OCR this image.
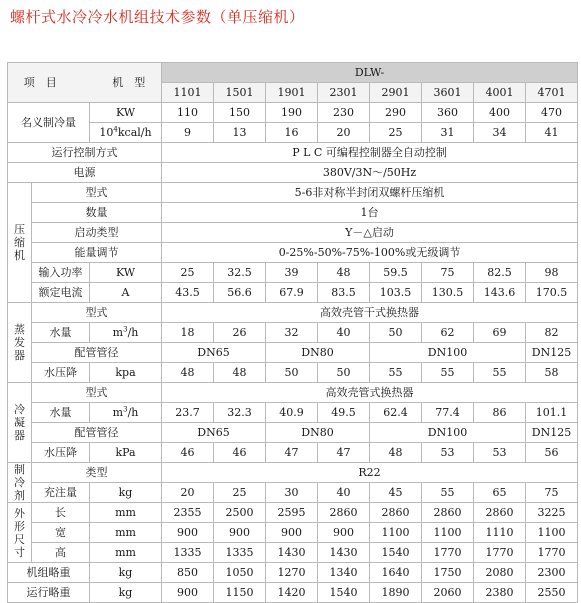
螺杆式水冷冷水机组技术参数（单压缩机）
项　目 机　型			DLW-							
			1101	1501	1901	2301	2901	3601	4001	4701
名义制冷量		KW	110	150	190	230	290	360	400	470
		$10^4kcal/h$	9	13	16	20	25	31	34	41
运行控制方式			P L C 可编程控制器全自动控制							
电源			380V/3N～/50Hz							
压缩机	型式		5-6非对称半封闭双螺杆压缩机							
	数量		1台							
	启动类型		Y－△启动							
	能量调节		0-25%-50%-75%-100%或无级调节							
	输入功率	KW	25	32.5	39	48	59.5	75	82.5	98
	额定电流	A	43.5	56.6	67.9	83.5	103.5	130.5	143.6	170.5
蒸发器	型式		高效壳管干式换热器							
	水量	$m^3/h$	18	26	32	40	50	62	69	82
	配管管径		DN65		DN80		DN100			DN125
	水压降	kpa	48	48	50	50	55	55	55	58
冷凝器	型式		高效壳管式换热器							
	水量	$m^3/h$	23.7	32.3	40.9	49.5	62.4	77.4	86	101.1
	配管管径		DN65		DN80		DN100			DN125
	水压降	kPa	46	46	47	47	48	53	53	56
制冷剂	类型		R22							
	充注量	kg	20	25	30	40	45	55	65	75
外形尺寸	长	mm	2355	2500	2595	2860	2860	2860	2860	3225
	宽	mm	900	900	900	900	1100	1100	1110	1100
	高	mm	1335	1335	1430	1430	1540	1770	1770	1770
机组略重		kg	850	1050	1270	1340	1640	1750	2080	2300
运行略重		kg	900	1150	1420	1540	1890	2060	2380	2550
